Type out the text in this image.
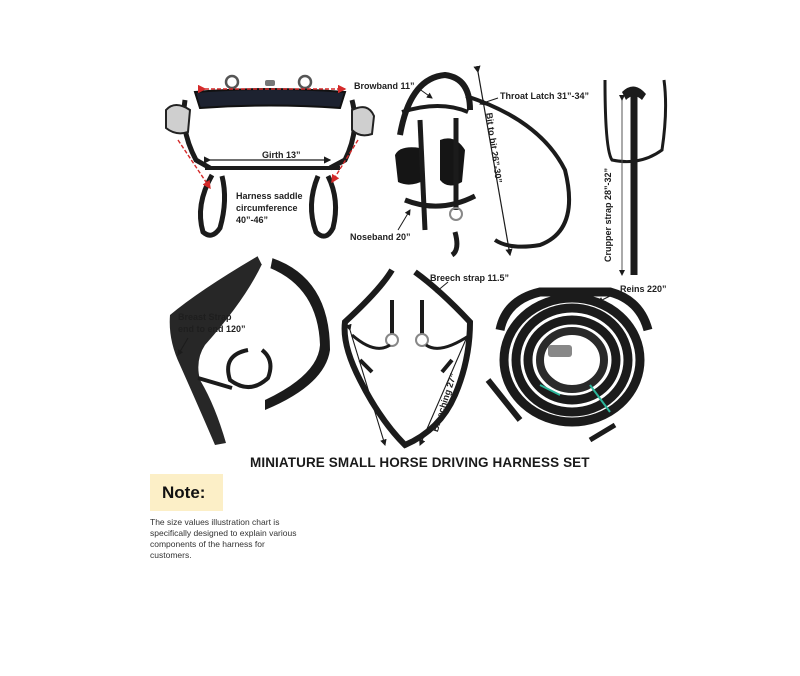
Browband 11”
Throat Latch 31”-34”
Girth 13”
Harness saddle
circumference
40”-46”
Noseband 20”
Bit to bit 26”-30”
Crupper strap 28”-32”
Breech strap 11.5”
Reins 220”
Breast Strap
end to end 120”
Breeching 27”
MINIATURE SMALL HORSE DRIVING HARNESS SET
Note:
The size values illustration chart is specifically designed to explain various components of the harness for customers.
